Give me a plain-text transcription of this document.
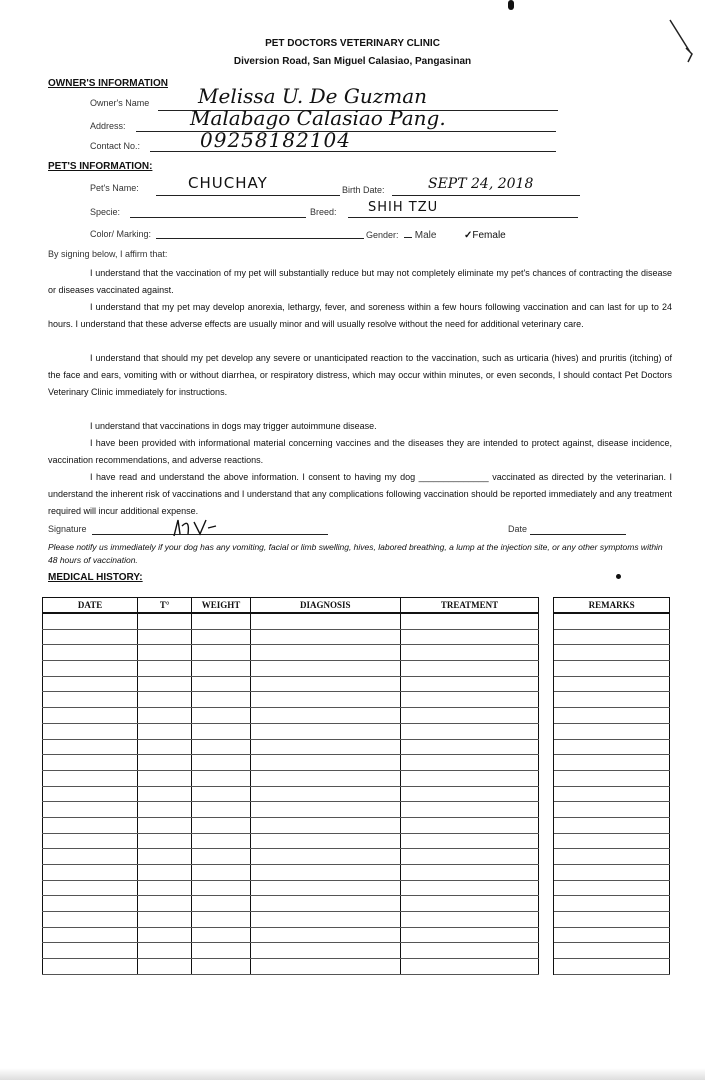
PET DOCTORS VETERINARY CLINIC
Diversion Road, San Miguel Calasiao, Pangasinan
OWNER'S INFORMATION
Owner's Name Melissa U. De Guzman
Address:	Malabago Calasiao Pang.
Contact No.:	09258182104
PET'S INFORMATION:
Pet's Name:	CHUCHAY	Birth Date:	SEPT 24, 2018
Specie:	Breed: SHIH TZU
Color/ Marking:	Gender:	Male	✓Female
By signing below, I affirm that:
I understand that the vaccination of my pet will substantially reduce but may not completely eliminate my pet's chances of contracting the disease or diseases vaccinated against.
I understand that my pet may develop anorexia, lethargy, fever, and soreness within a few hours following vaccination and can last for up to 24 hours. I understand that these adverse effects are usually minor and will usually resolve without the need for additional veterinary care.
I understand that should my pet develop any severe or unanticipated reaction to the vaccination, such as urticaria (hives) and pruritis (itching) of the face and ears, vomiting with or without diarrhea, or respiratory distress, which may occur within minutes, or even seconds, I should contact Pet Doctors Veterinary Clinic immediately for instructions.
I understand that vaccinations in dogs may trigger autoimmune disease.
I have been provided with informational material concerning vaccines and the diseases they are intended to protect against, disease incidence, vaccination recommendations, and adverse reactions.
I have read and understand the above information. I consent to having my dog ______________ vaccinated as directed by the veterinarian. I understand the inherent risk of vaccinations and I understand that any complications following vaccination should be reported immediately and any treatment required will incur additional expense.
Signature	Date
Please notify us immediately if your dog has any vomiting, facial or limb swelling, hives, labored breathing, a lump at the injection site, or any other symptoms within 48 hours of vaccination.
MEDICAL HISTORY:
DATE	T°	WEIGHT	DIAGNOSIS	TREATMENT		REMARKS
